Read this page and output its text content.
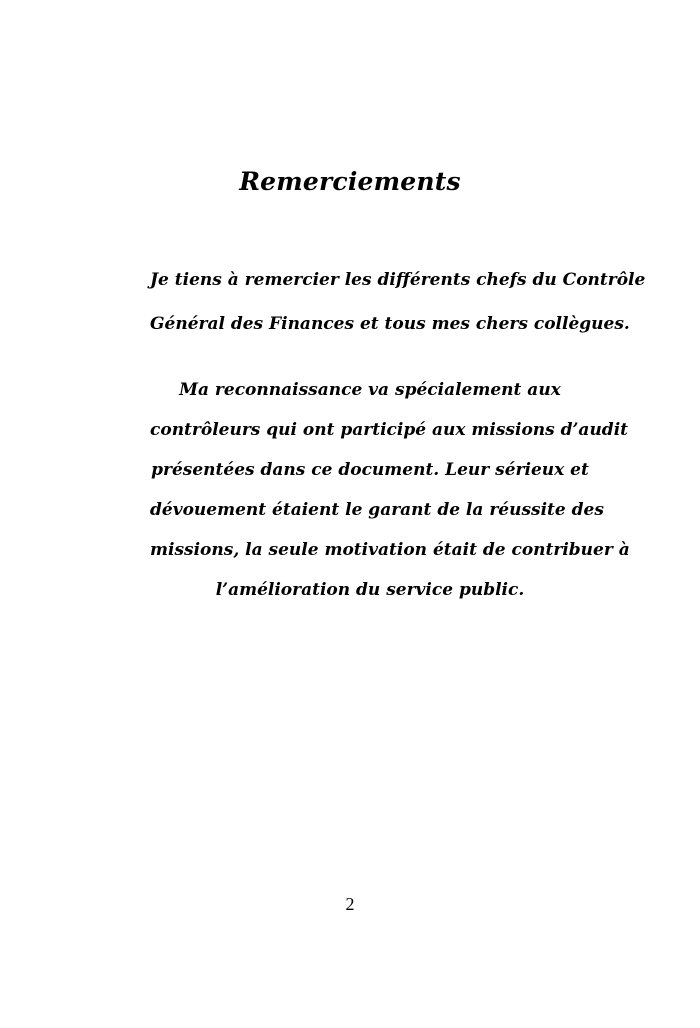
Remerciements
Je tiens à remercier les différents chefs du Contrôle
Général des Finances et tous mes chers collègues.
Ma reconnaissance va spécialement aux
contrôleurs qui ont participé aux missions d’audit
présentées dans ce document. Leur sérieux et
dévouement étaient le garant de la réussite des
missions, la seule motivation était de contribuer à
l’amélioration du service public.
2
